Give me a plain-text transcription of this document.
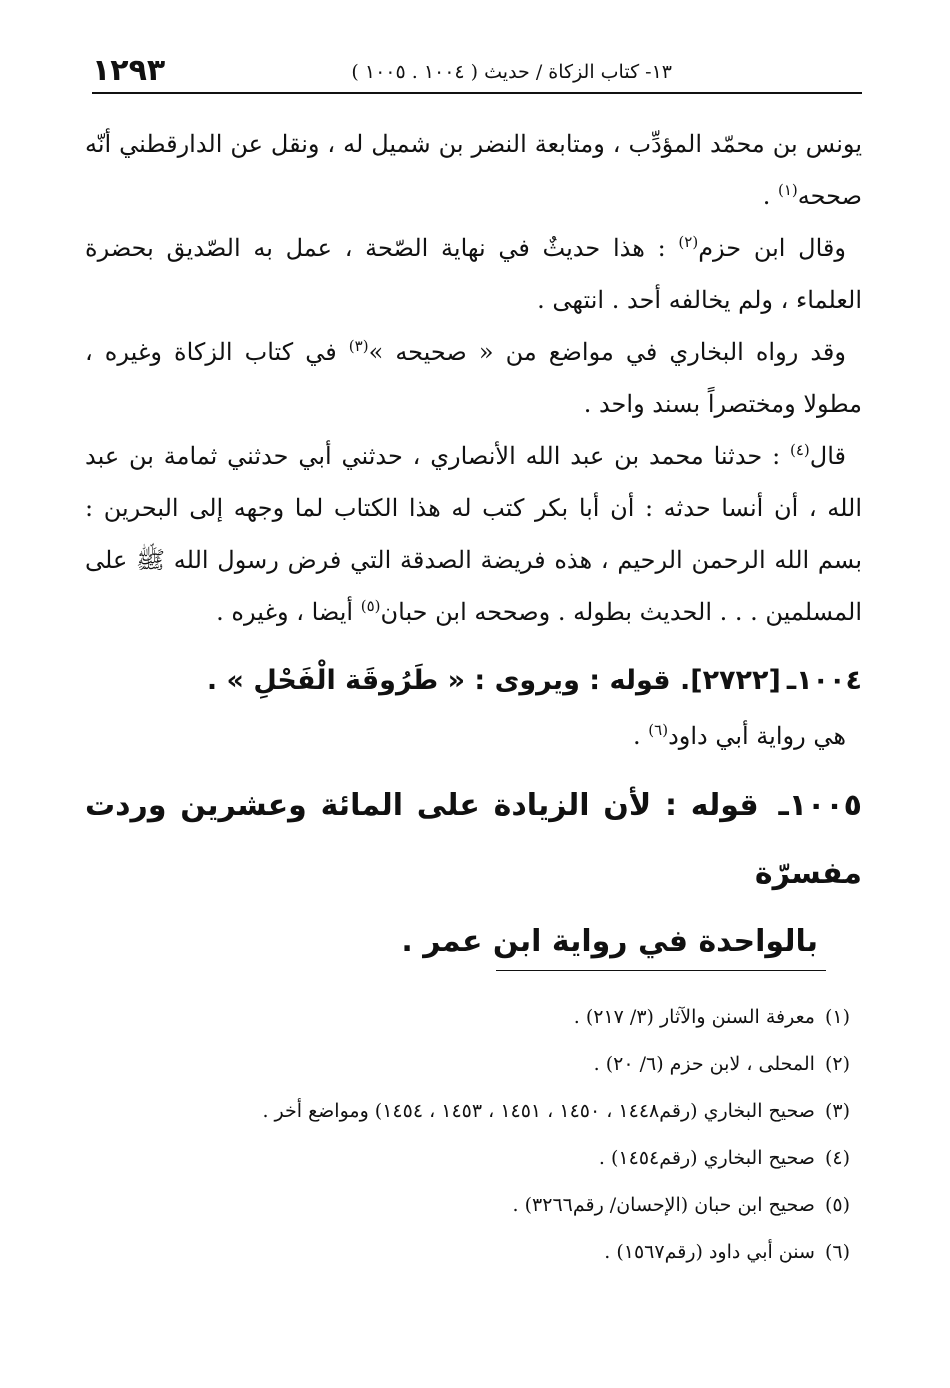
١٣- كتاب الزكاة / حديث ( ١٠٠٤ . ١٠٠٥ )
١٢٩٣

يونس بن محمّد المؤدِّب ، ومتابعة النضر بن شميل له ، ونقل عن الدارقطني أنّه صححه$^{(١)}$ .

وقال ابن حزم$^{(٢)}$ : هذا حديثٌ في نهاية الصّحة ، عمل به الصّديق بحضرة العلماء ، ولم يخالفه أحد . انتهى .

وقد رواه البخاري في مواضع من « صحيحه »$^{(٣)}$ في كتاب الزكاة وغيره ، مطولا ومختصراً بسند واحد .

قال$^{(٤)}$ : حدثنا محمد بن عبد الله الأنصاري ، حدثني أبي حدثني ثمامة بن عبد الله ، أن أنسا حدثه : أن أبا بكر كتب له هذا الكتاب لما وجهه إلى البحرين : بسم الله الرحمن الرحيم ، هذه فريضة الصدقة التي فرض رسول الله ﷺ على المسلمين . . . الحديث بطوله . وصححه ابن حبان$^{(٥)}$ أيضا ، وغيره .

١٠٠٤ـ[٢٧٢٢]. قوله : ويروى : « طَرُوقَة الْفَحْلِ » .

هي رواية أبي داود$^{(٦)}$ .

١٠٠٥ـ قوله : لأن الزيادة على المائة وعشرين وردت مفسرّة
بالواحدة في رواية ابن عمر .
(١)معرفة السنن والآثار (٣/ ٢١٧) .
(٢)المحلى ، لابن حزم (٦/ ٢٠) .
(٣)صحيح البخاري (رقم١٤٤٨ ، ١٤٥٠ ، ١٤٥١ ، ١٤٥٣ ، ١٤٥٤) ومواضع أخر .
(٤)صحيح البخاري (رقم١٤٥٤) .
(٥)صحيح ابن حبان (الإحسان/ رقم٣٢٦٦) .
(٦)سنن أبي داود (رقم١٥٦٧) .
